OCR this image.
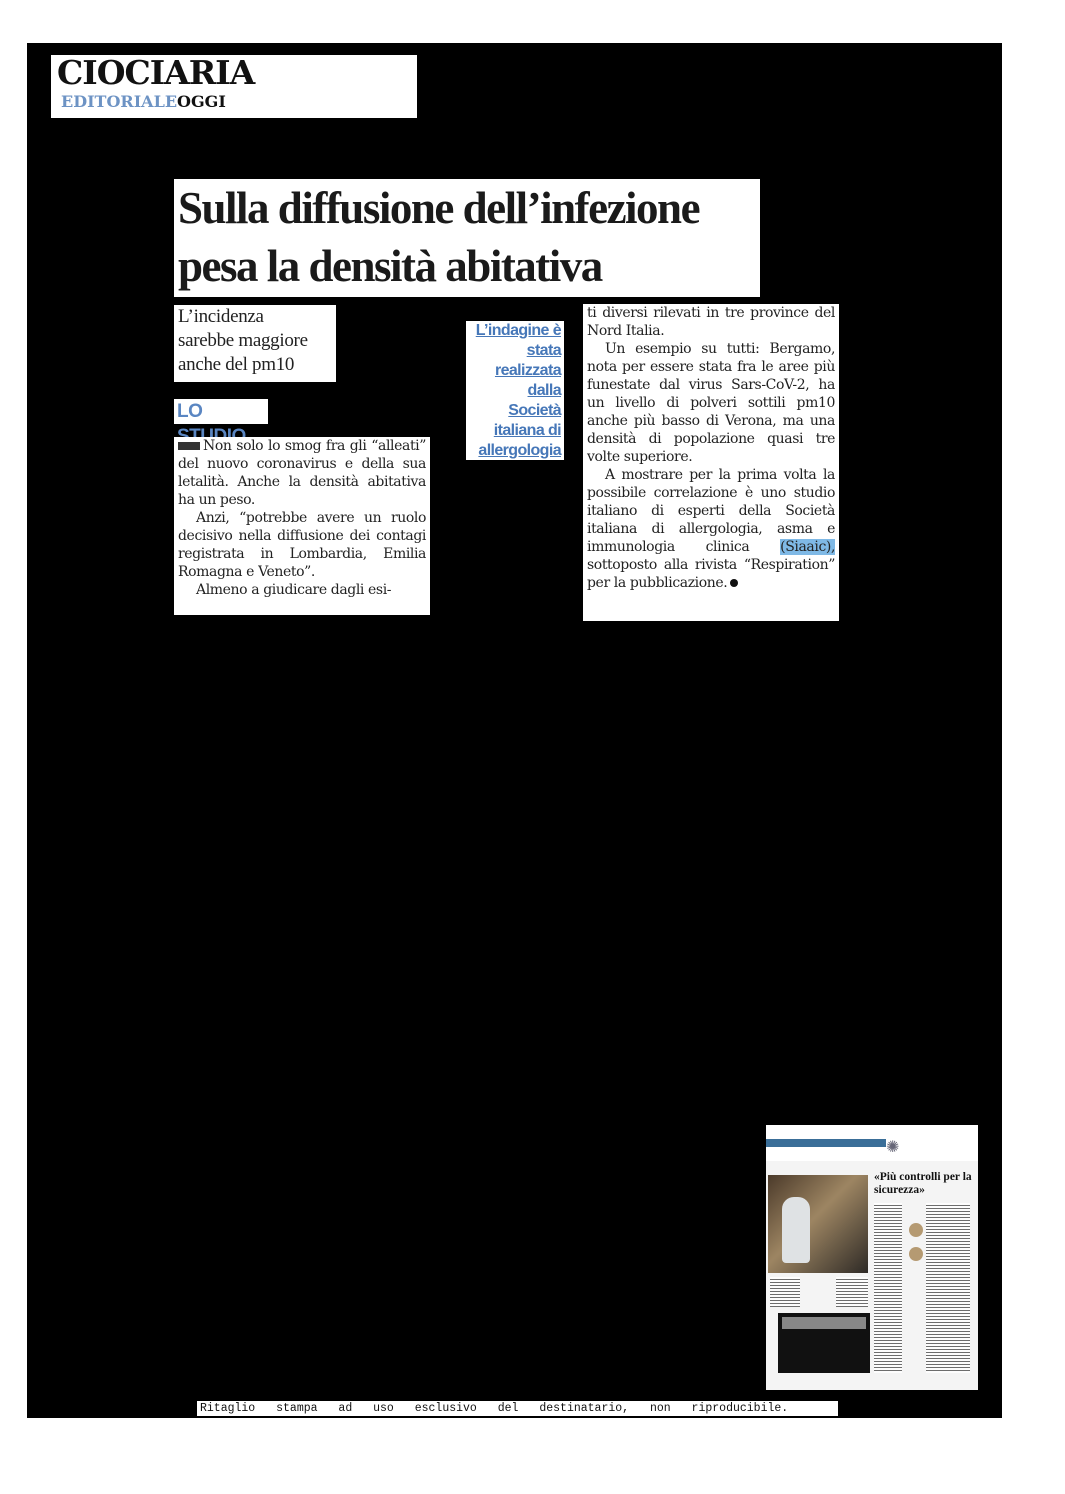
CIOCIARIA
EDITORIALEOGGI
Sulla diffusione dell’infezione
pesa la densità abitativa
L’incidenza
sarebbe maggiore
anche del pm10
LO

Non solo lo smog fra gli “alleati” del nuovo coronavirus e della sua letalità. Anche la densità abitativa ha un peso.

Anzi, “potrebbe avere un ruolo decisivo nella diffusione dei contagi registrata in Lombardia, Emilia Romagna e Veneto”.

Almeno a giudicare dagli esi-

L’indagine è
stata
realizzata
dalla
Società
italiana di
allergologia

ti diversi rilevati in tre province del Nord Italia.

Un esempio su tutti: Bergamo, nota per essere stata fra le aree più funestate dal virus Sars-CoV-2, ha un livello di polveri sottili pm10 anche più basso di Verona, ma una densità di popolazione quasi tre volte superiore.

A mostrare per la prima volta la possibile correlazione è uno studio italiano di esperti della Società italiana di allergologia, asma e immunologia clinica (Siaaic), sottoposto alla rivista “Respiration” per la pubblicazione.

✺
«Più controlli per la sicurezza»
Ritaglio stampa ad uso esclusivo del destinatario, non riproducibile.
